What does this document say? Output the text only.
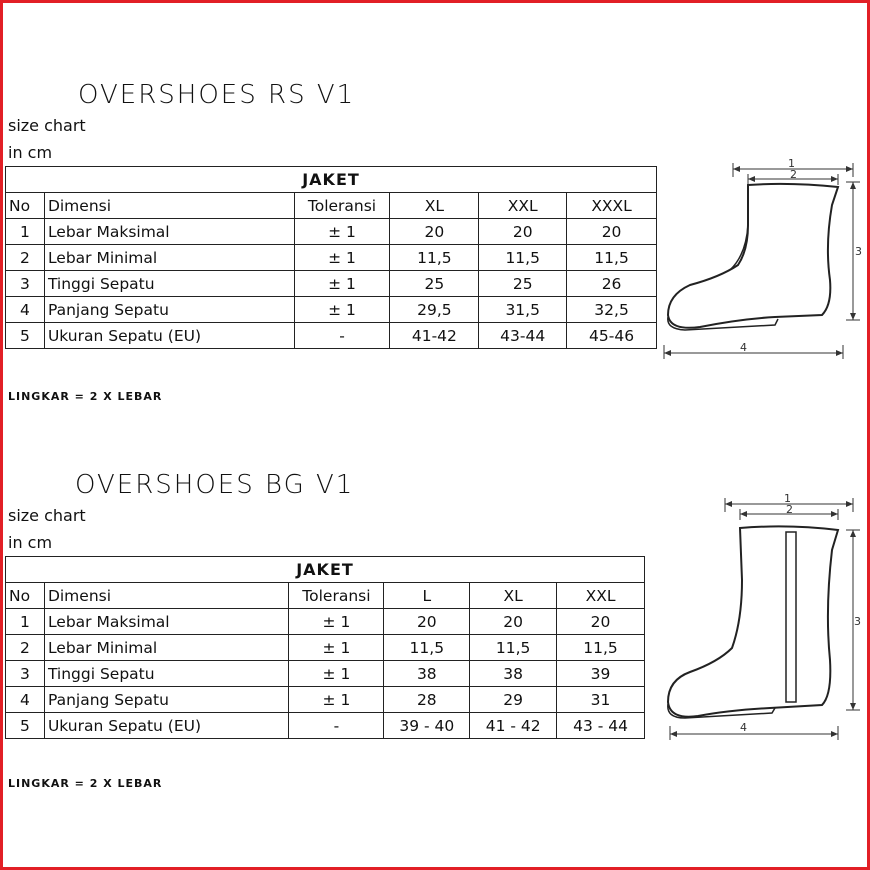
OVERSHOES RS V1
size chart
in cm
JAKET					
No	Dimensi	Toleransi	XL	XXL	XXXL
1	Lebar Maksimal	± 1	20	20	20
2	Lebar Minimal	± 1	11,5	11,5	11,5
3	Tinggi Sepatu	± 1	25	25	26
4	Panjang Sepatu	± 1	29,5	31,5	32,5
5	Ukuran Sepatu (EU)	-	41-42	43-44	45-46
LINGKAR = 2 X LEBAR
1
2
3
4
OVERSHOES BG V1
size chart
in cm
JAKET					
No	Dimensi	Toleransi	L	XL	XXL
1	Lebar Maksimal	± 1	20	20	20
2	Lebar Minimal	± 1	11,5	11,5	11,5
3	Tinggi Sepatu	± 1	38	38	39
4	Panjang Sepatu	± 1	28	29	31
5	Ukuran Sepatu (EU)	-	39 - 40	41 - 42	43 - 44
LINGKAR = 2 X LEBAR
1
2
3
4
